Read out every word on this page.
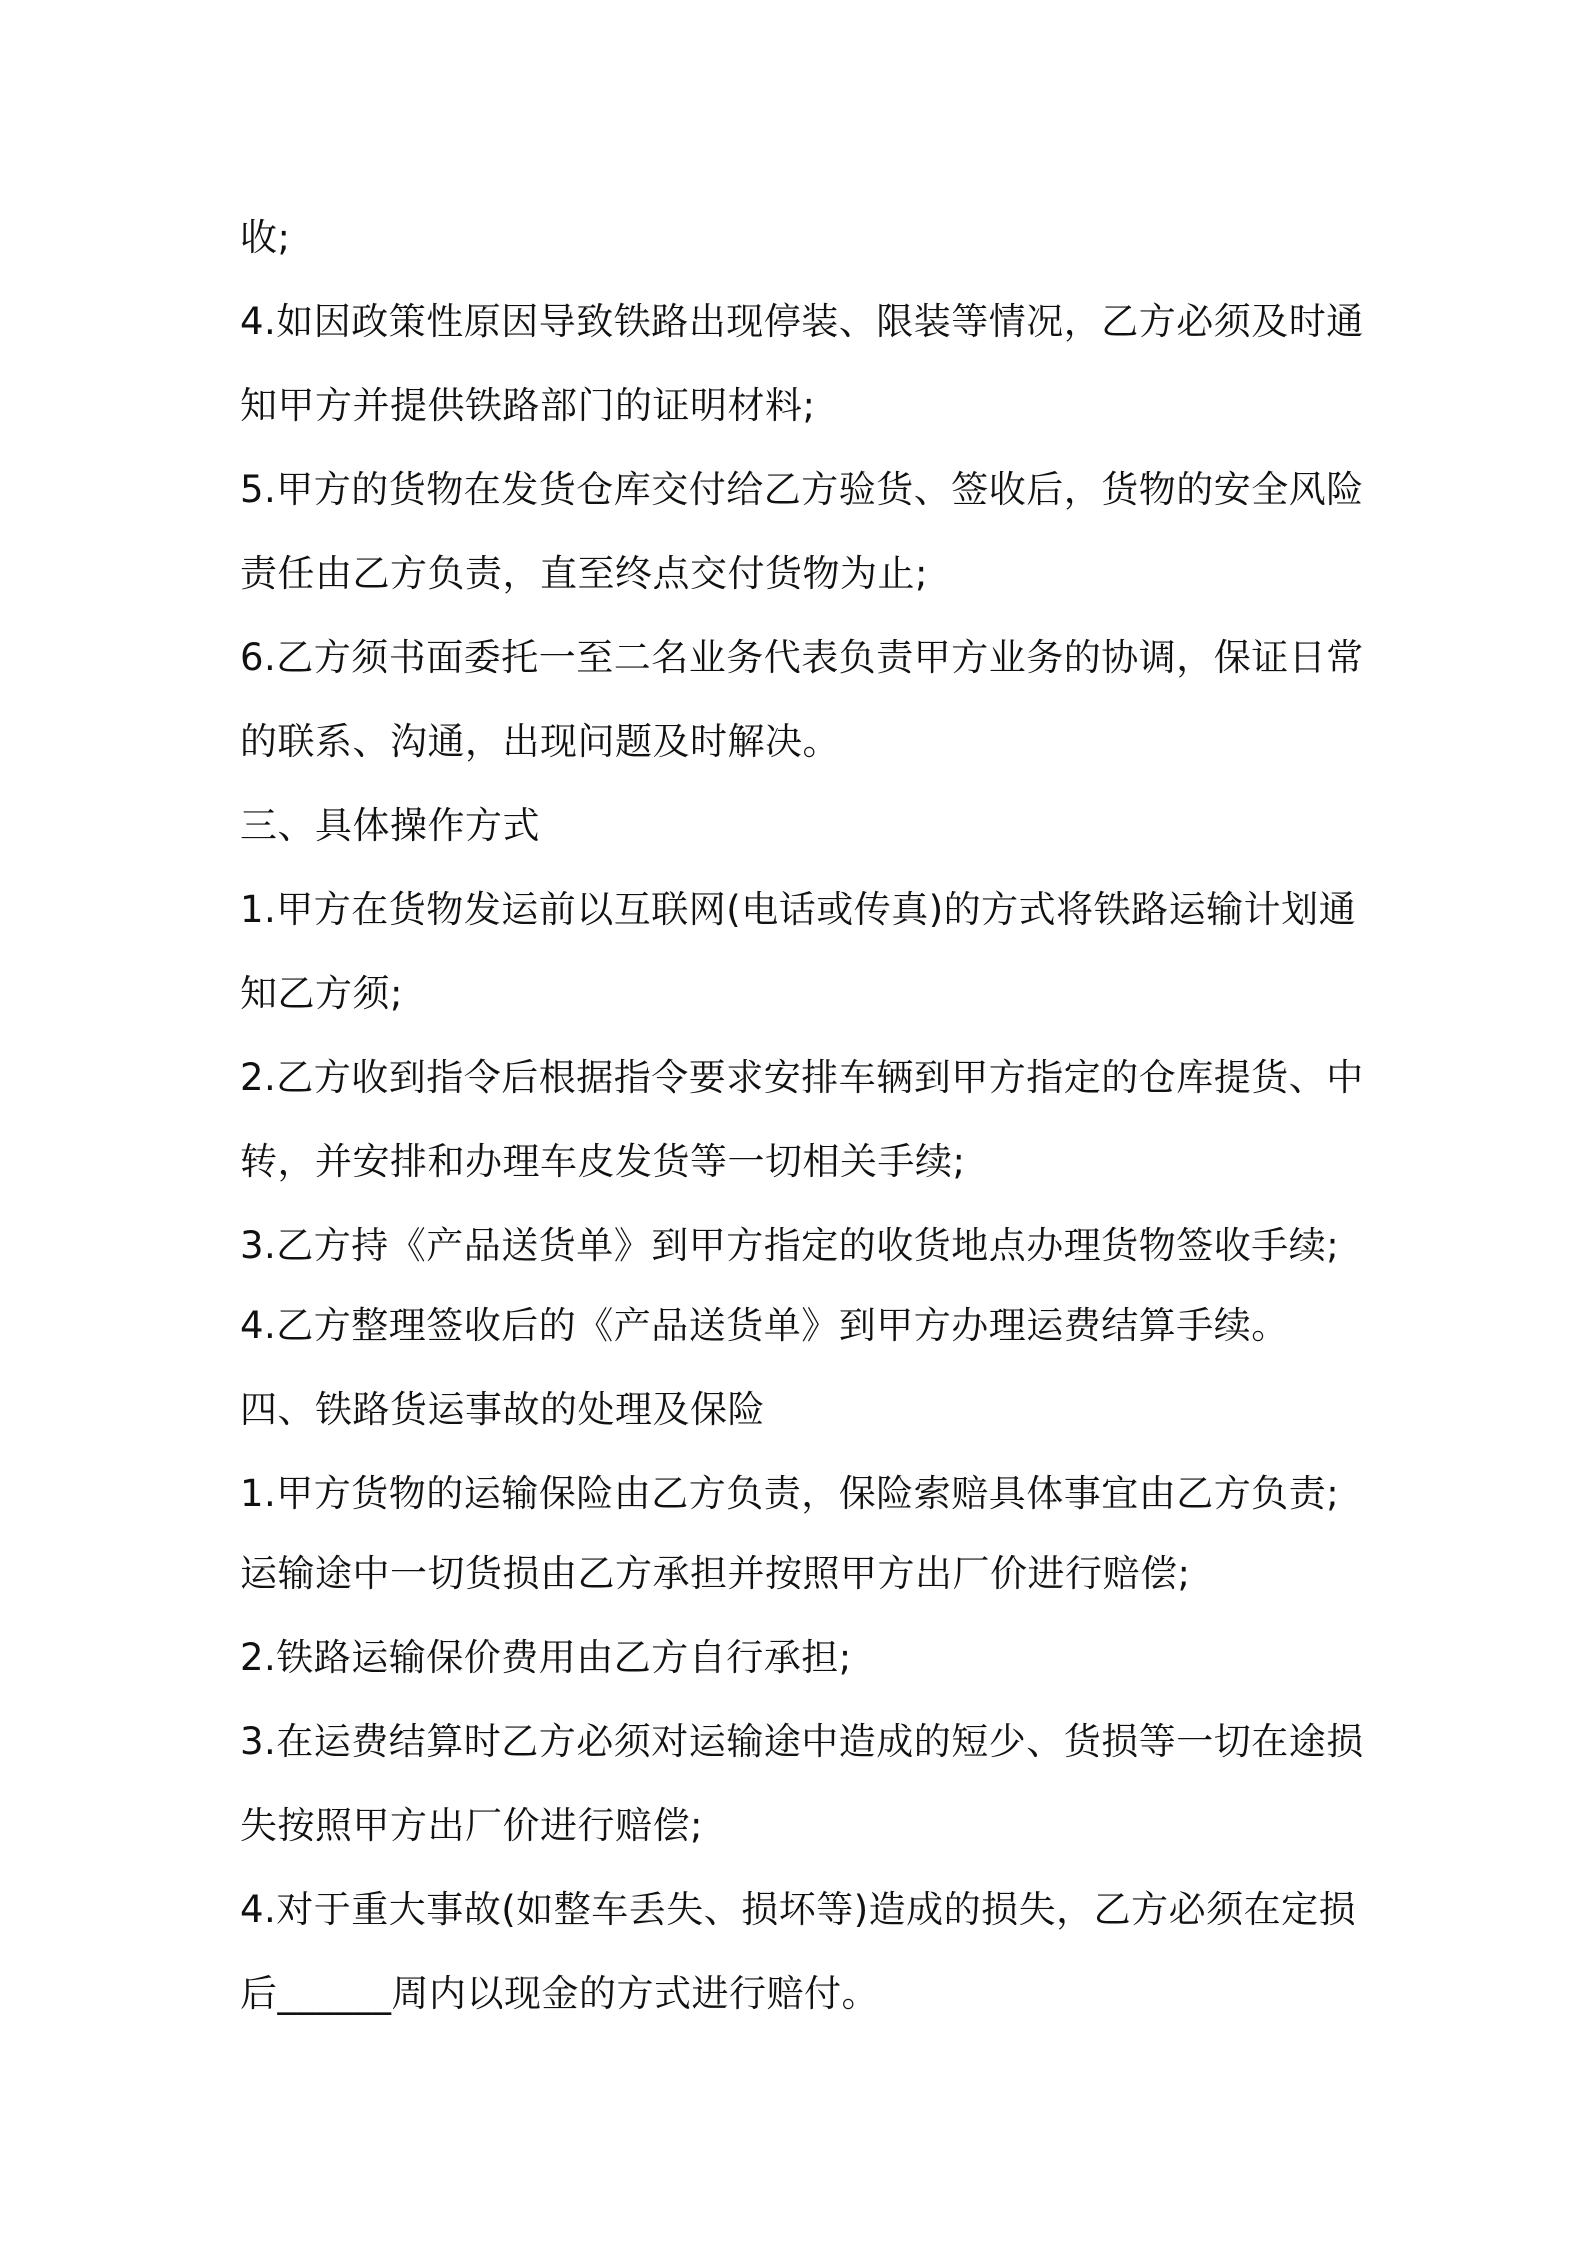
收;
4.如因政策性原因导致铁路出现停装、限装等情况，乙方必须及时通
知甲方并提供铁路部门的证明材料;
5.甲方的货物在发货仓库交付给乙方验货、签收后，货物的安全风险
责任由乙方负责，直至终点交付货物为止;
6.乙方须书面委托一至二名业务代表负责甲方业务的协调，保证日常
的联系、沟通，出现问题及时解决。
三、具体操作方式
1.甲方在货物发运前以互联网(电话或传真)的方式将铁路运输计划通
知乙方须;
2.乙方收到指令后根据指令要求安排车辆到甲方指定的仓库提货、中
转，并安排和办理车皮发货等一切相关手续;
3.乙方持《产品送货单》到甲方指定的收货地点办理货物签收手续;
4.乙方整理签收后的《产品送货单》到甲方办理运费结算手续。
四、铁路货运事故的处理及保险
1.甲方货物的运输保险由乙方负责，保险索赔具体事宜由乙方负责;
运输途中一切货损由乙方承担并按照甲方出厂价进行赔偿;
2.铁路运输保价费用由乙方自行承担;
3.在运费结算时乙方必须对运输途中造成的短少、货损等一切在途损
失按照甲方出厂价进行赔偿;
4.对于重大事故(如整车丢失、损坏等)造成的损失，乙方必须在定损
后______周内以现金的方式进行赔付。
